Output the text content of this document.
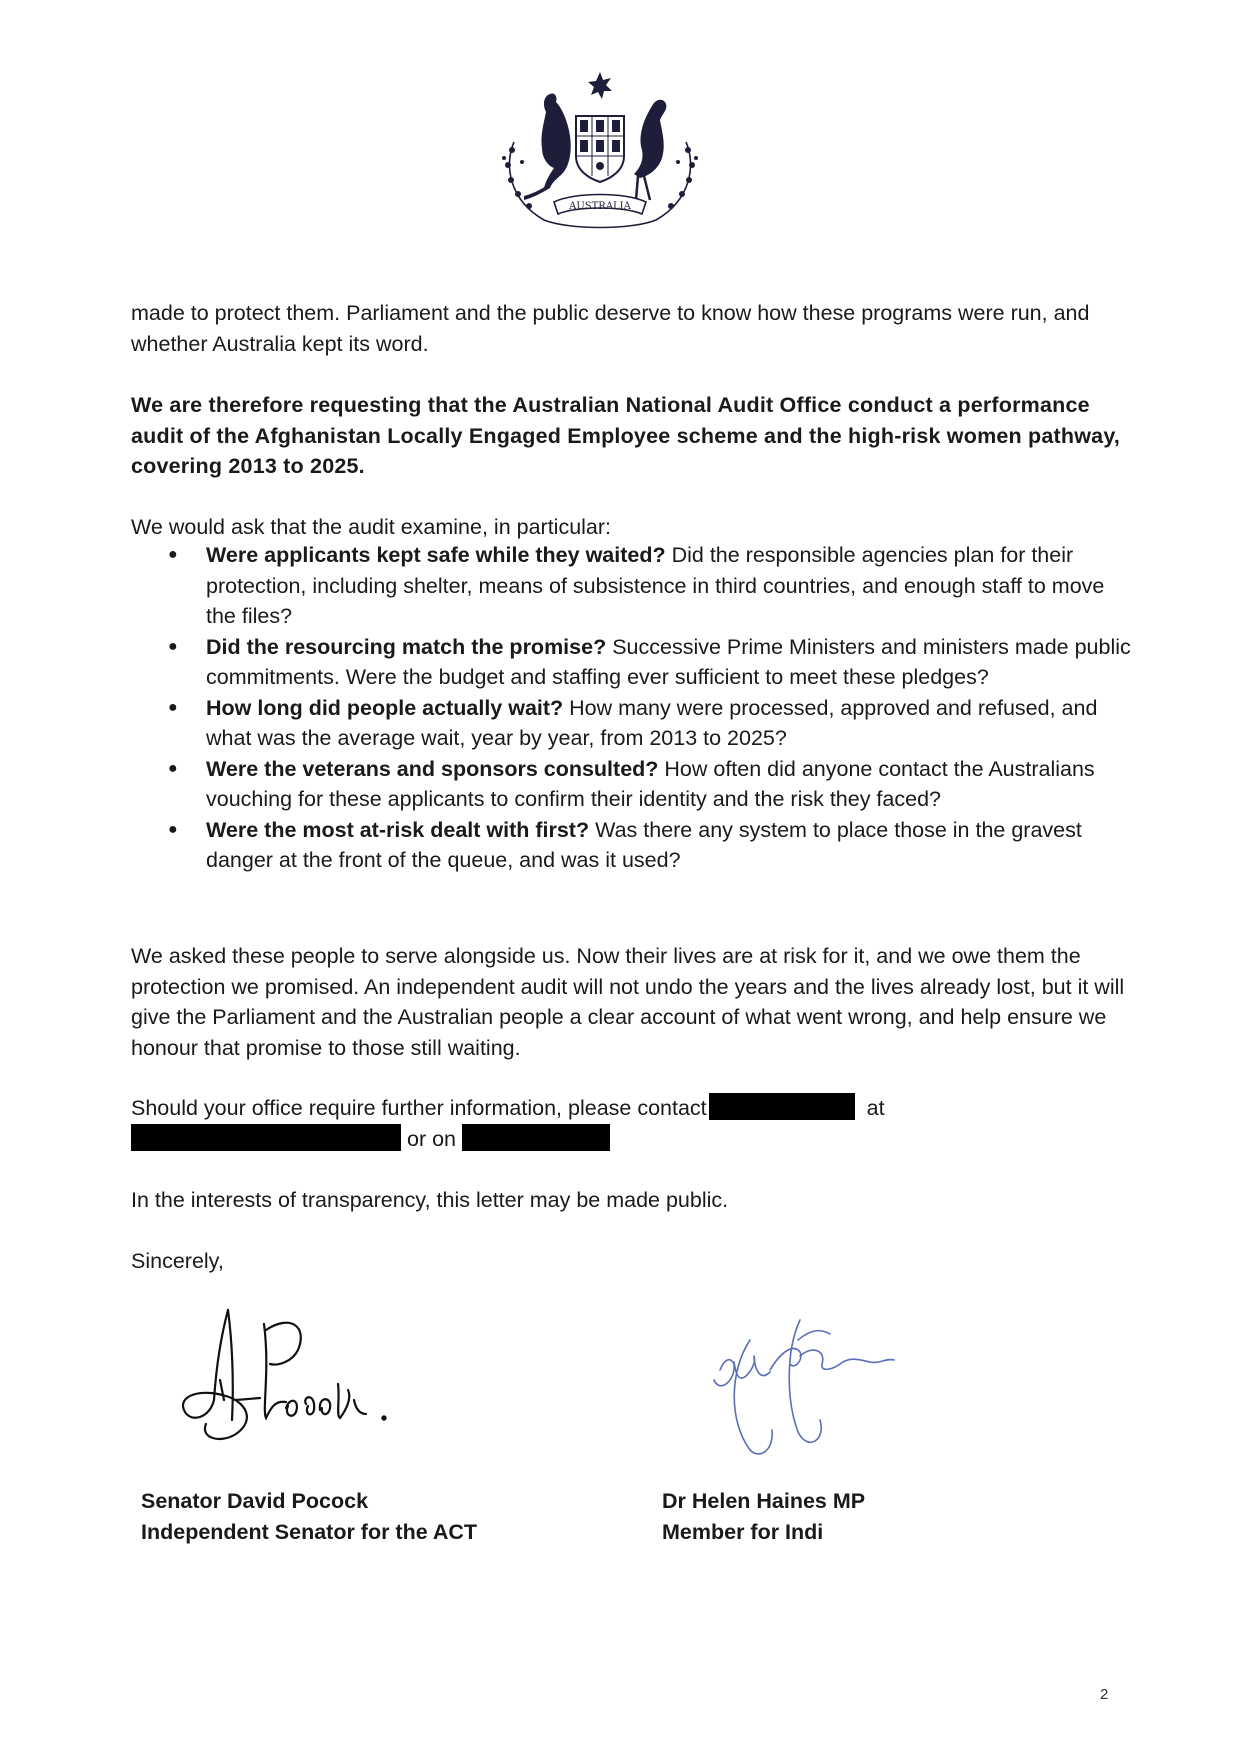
AUSTRALIA
made to protect them. Parliament and the public deserve to know how these programs were run, and whether Australia kept its word.
We are therefore requesting that the Australian National Audit Office conduct a performance audit of the Afghanistan Locally Engaged Employee scheme and the high-risk women pathway, covering 2013 to 2025.
We would ask that the audit examine, in particular:
● Were applicants kept safe while they waited? Did the responsible agencies plan for their protection, including shelter, means of subsistence in third countries, and enough staff to move the files?
● Did the resourcing match the promise? Successive Prime Ministers and ministers made public commitments. Were the budget and staffing ever sufficient to meet these pledges?
● How long did people actually wait? How many were processed, approved and refused, and what was the average wait, year by year, from 2013 to 2025?
● Were the veterans and sponsors consulted? How often did anyone contact the Australians vouching for these applicants to confirm their identity and the risk they faced?
● Were the most at-risk dealt with first? Was there any system to place those in the gravest danger at the front of the queue, and was it used?
We asked these people to serve alongside us. Now their lives are at risk for it, and we owe them the protection we promised. An independent audit will not undo the years and the lives already lost, but it will give the Parliament and the Australian people a clear account of what went wrong, and help ensure we honour that promise to those still waiting.
Should your office require further information, please contact	at
or on
In the interests of transparency, this letter may be made public.
Sincerely,
Senator David Pocock
Independent Senator for the ACT
Dr Helen Haines MP
Member for Indi
2
